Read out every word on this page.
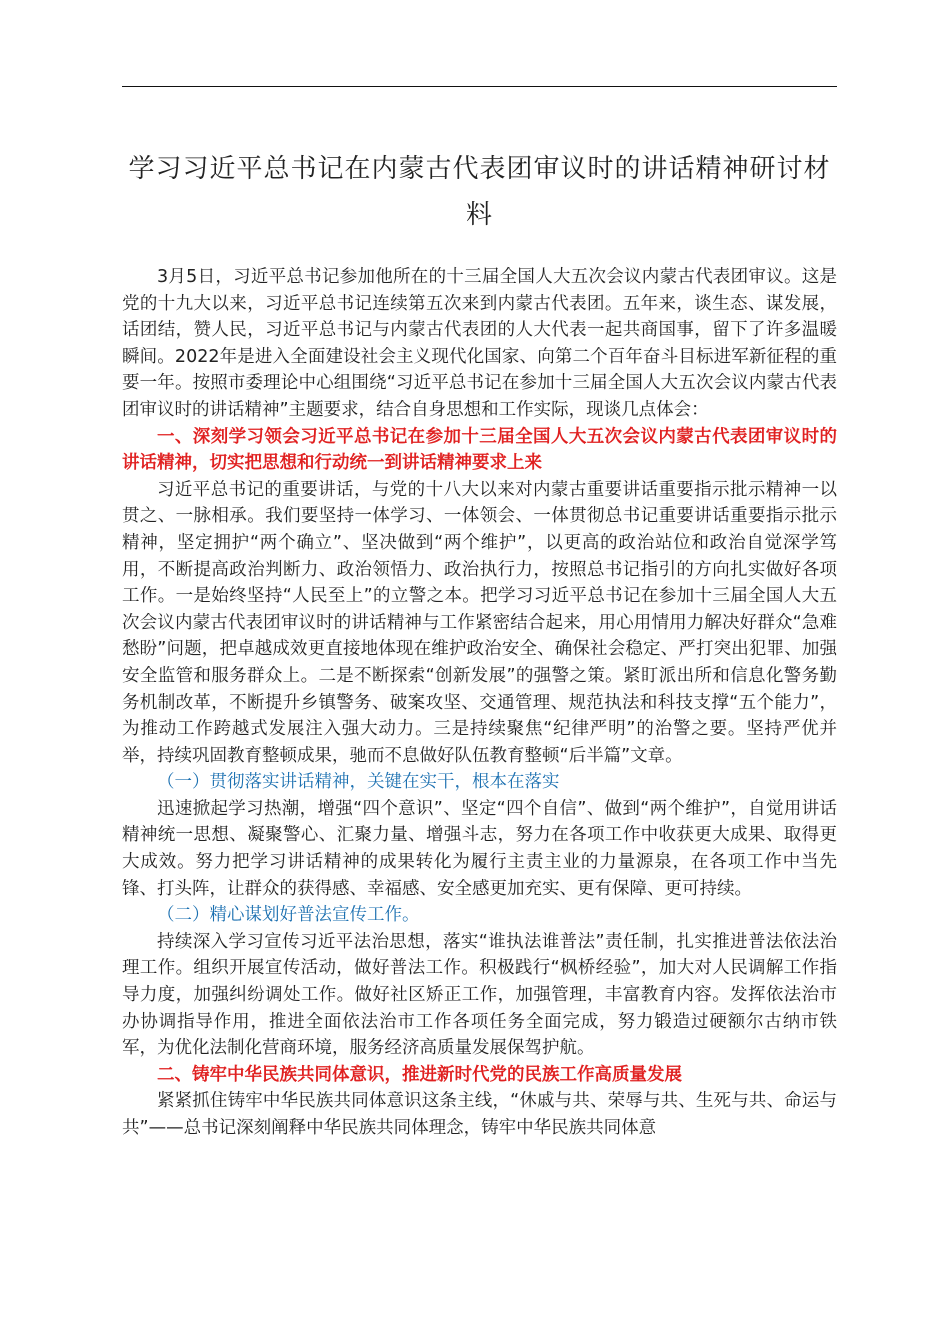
学习习近平总书记在内蒙古代表团审议时的讲话精神研讨材料

3月5日，习近平总书记参加他所在的十三届全国人大五次会议内蒙古代表团审议。这是党的十九大以来，习近平总书记连续第五次来到内蒙古代表团。五年来，谈生态、谋发展，话团结，赞人民，习近平总书记与内蒙古代表团的人大代表一起共商国事，留下了许多温暖瞬间。2022年是进入全面建设社会主义现代化国家、向第二个百年奋斗目标进军新征程的重要一年。按照市委理论中心组围绕“习近平总书记在参加十三届全国人大五次会议内蒙古代表团审议时的讲话精神”主题要求，结合自身思想和工作实际，现谈几点体会：

一、深刻学习领会习近平总书记在参加十三届全国人大五次会议内蒙古代表团审议时的讲话精神，切实把思想和行动统一到讲话精神要求上来

习近平总书记的重要讲话，与党的十八大以来对内蒙古重要讲话重要指示批示精神一以贯之、一脉相承。我们要坚持一体学习、一体领会、一体贯彻总书记重要讲话重要指示批示精神，坚定拥护“两个确立”、坚决做到“两个维护”，以更高的政治站位和政治自觉深学笃用，不断提高政治判断力、政治领悟力、政治执行力，按照总书记指引的方向扎实做好各项工作。一是始终坚持“人民至上”的立警之本。把学习习近平总书记在参加十三届全国人大五次会议内蒙古代表团审议时的讲话精神与工作紧密结合起来，用心用情用力解决好群众“急难愁盼”问题，把卓越成效更直接地体现在维护政治安全、确保社会稳定、严打突出犯罪、加强安全监管和服务群众上。二是不断探索“创新发展”的强警之策。紧盯派出所和信息化警务勤务机制改革，不断提升乡镇警务、破案攻坚、交通管理、规范执法和科技支撑“五个能力”，为推动工作跨越式发展注入强大动力。三是持续聚焦“纪律严明”的治警之要。坚持严优并举，持续巩固教育整顿成果，驰而不息做好队伍教育整顿“后半篇”文章。

（一）贯彻落实讲话精神，关键在实干，根本在落实

迅速掀起学习热潮，增强“四个意识”、坚定“四个自信”、做到“两个维护”，自觉用讲话精神统一思想、凝聚警心、汇聚力量、增强斗志，努力在各项工作中收获更大成果、取得更大成效。努力把学习讲话精神的成果转化为履行主责主业的力量源泉，在各项工作中当先锋、打头阵，让群众的获得感、幸福感、安全感更加充实、更有保障、更可持续。

（二）精心谋划好普法宣传工作。

持续深入学习宣传习近平法治思想，落实“谁执法谁普法”责任制，扎实推进普法依法治理工作。组织开展宣传活动，做好普法工作。积极践行“枫桥经验”，加大对人民调解工作指导力度，加强纠纷调处工作。做好社区矫正工作，加强管理，丰富教育内容。发挥依法治市办协调指导作用，推进全面依法治市工作各项任务全面完成，努力锻造过硬额尔古纳市铁军，为优化法制化营商环境，服务经济高质量发展保驾护航。

二、铸牢中华民族共同体意识，推进新时代党的民族工作高质量发展

紧紧抓住铸牢中华民族共同体意识这条主线，“休戚与共、荣辱与共、生死与共、命运与共”——总书记深刻阐释中华民族共同体理念，铸牢中华民族共同体意
